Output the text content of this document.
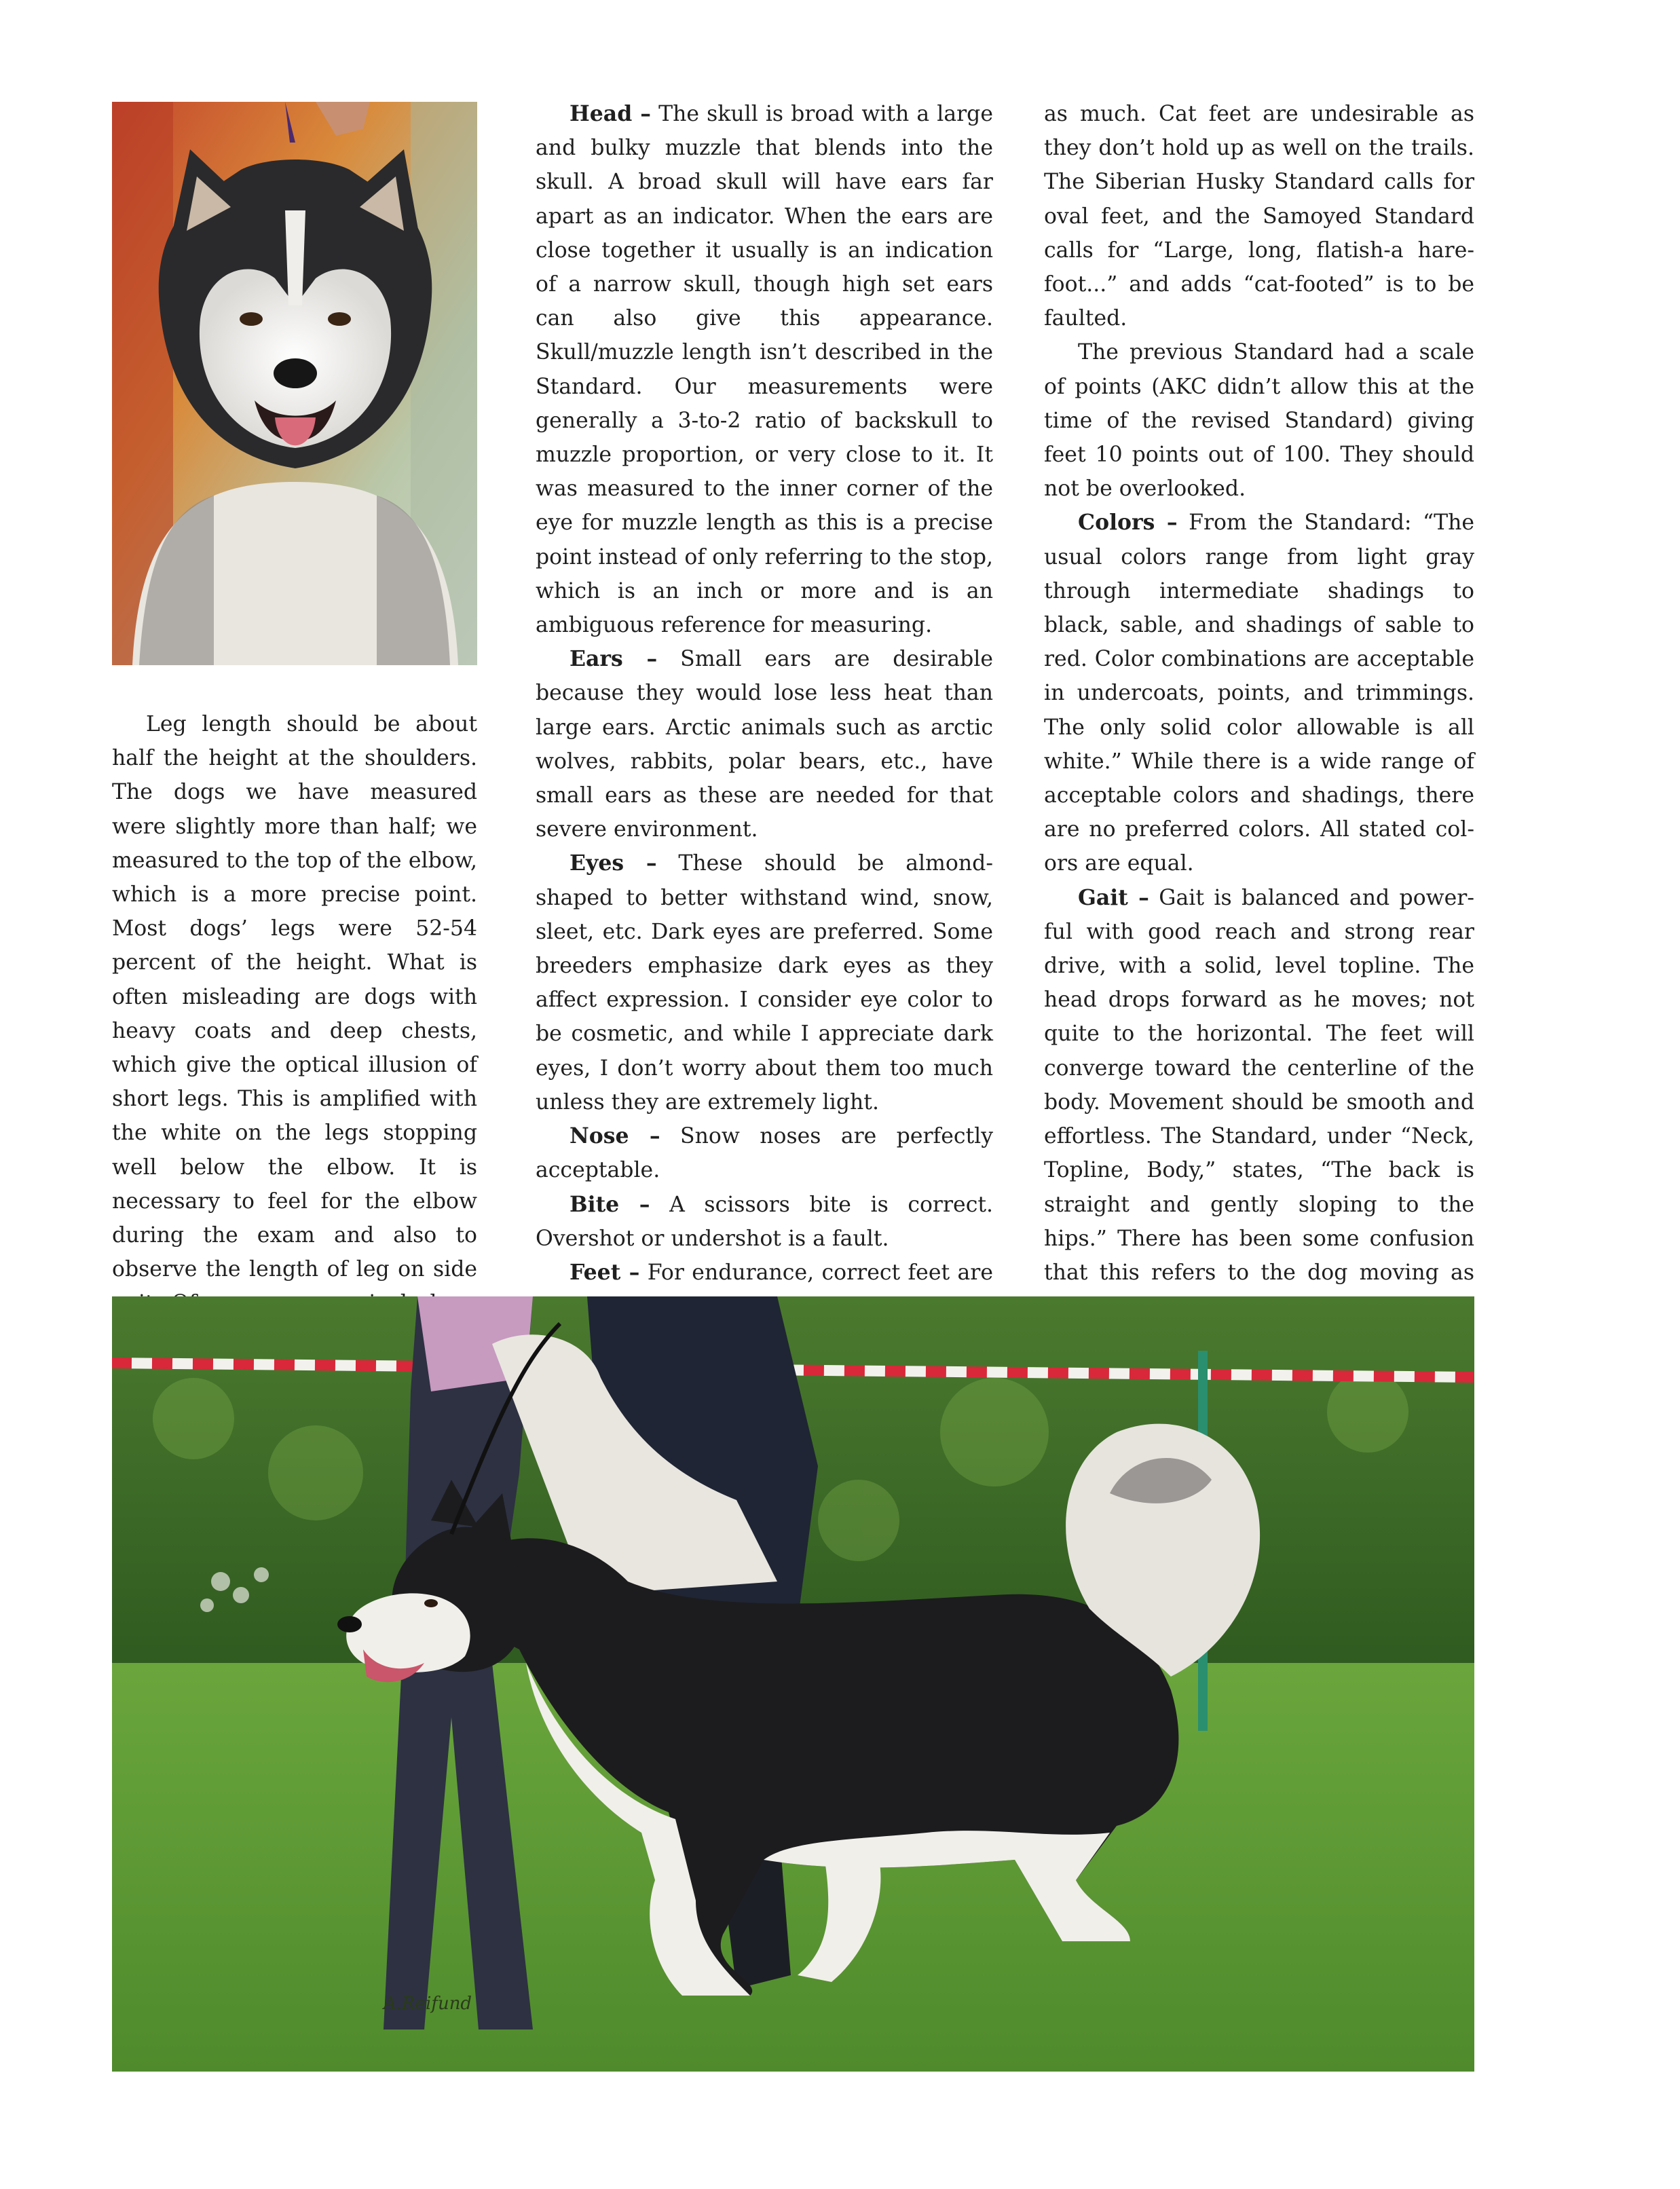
Leg length should be about half the height at the shoulders. The dogs we have measured were slightly more than half; we measured to the top of the elbow, which is a more precise point. Most dogs’ legs were 52-54 percent of the height. What is often misleading are dogs with heavy coats and deep chests, which give the optical illusion of short legs. This is amplified with the white on the legs stopping well below the elbow. It is necessary to feel for the elbow during the exam and also to observe the length of leg on side

Head – The skull is broad with a large and bulky muzzle that blends into the skull. A broad skull will have ears far apart as an indicator. When the ears are close together it usually is an indication of a narrow skull, though high set ears can also give this appearance. Skull/muzzle length isn’t described in the Standard. Our measurements were generally a 3-to-2 ratio of backskull to muzzle proportion, or very close to it. It was measured to the inner corner of the eye for muzzle length as this is a precise point instead of only referring to the stop, which is an inch or more and is an ambiguous reference for measuring.

Ears – Small ears are desirable because they would lose less heat than large ears. Arctic animals such as arctic wolves, rabbits, polar bears, etc., have small ears as these are needed for that severe environment.

Eyes – These should be almond-shaped to better withstand wind, snow, sleet, etc. Dark eyes are preferred. Some breeders emphasize dark eyes as they affect expression. I consider eye color to be cosmetic, and while I appreciate dark eyes, I don’t worry about them too much unless they are extremely light.

Nose – Snow noses are perfectly acceptable.

Bite – A scissors bite is correct. Overshot or undershot is a fault.

Feet – For endurance, correct feet are

as much. Cat feet are undesirable as they don’t hold up as well on the trails. The Siberian Husky Standard calls for oval feet, and the Samoyed Standard calls for “Large, long, flatish-a hare-foot...” and adds “cat-footed” is to be faulted.

The previous Standard had a scale of points (AKC didn’t allow this at the time of the revised Standard) giving feet 10 points out of 100. They should not be overlooked.

Colors – From the Standard: “The usual colors range from light gray through intermediate shadings to black, sable, and shadings of sable to red. Color combinations are acceptable in undercoats, points, and trimmings. The only solid color allowable is all white.” While there is a wide range of acceptable colors and shadings, there are no preferred colors. All stated colors are equal.

Gait – Gait is balanced and powerful with good reach and strong rear drive, with a solid, level topline. The head drops forward as he moves; not quite to the horizontal. The feet will converge toward the centerline of the body. Movement should be smooth and effortless. The Standard, under “Neck, Topline, Body,” states, “The back is straight and gently sloping to the hips.” There has been some confusion that this refers to the dog moving as

A.Reifund
